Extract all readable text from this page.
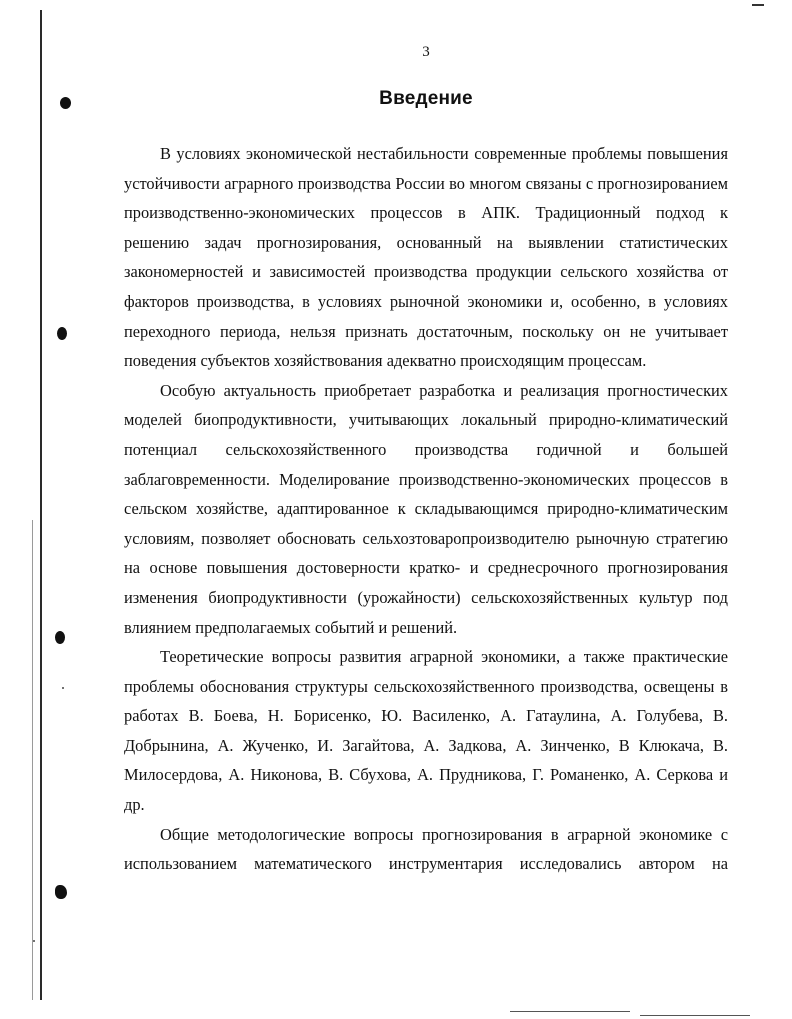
3
Введение

В условиях экономической нестабильности современные проблемы повышения устойчивости аграрного производства России во многом связаны с прогнозированием производственно-экономических процессов в АПК. Традиционный подход к решению задач прогнозирования, основанный на выявлении статистических закономерностей и зависимостей производства продукции сельского хозяйства от факторов производства, в условиях рыночной экономики и, особенно, в условиях переходного периода, нельзя признать достаточным, поскольку он не учитывает поведения субъектов хозяйствования адекватно происходящим процессам.

Особую актуальность приобретает разработка и реализация прогностических моделей биопродуктивности, учитывающих локальный природно-климатический потенциал сельскохозяйственного производства годичной и большей заблаговременности. Моделирование производственно-экономических процессов в сельском хозяйстве, адаптированное к складывающимся природно-климатическим условиям, позволяет обосновать сельхозтоваропроизводителю рыночную стратегию на основе повышения достоверности кратко- и среднесрочного прогнозирования изменения биопродуктивности (урожайности) сельскохозяйственных культур под влиянием предполагаемых событий и решений.

Теоретические вопросы развития аграрной экономики, а также практические проблемы обоснования структуры сельскохозяйственного производства, освещены в работах В. Боева, Н. Борисенко, Ю. Василенко, А. Гатаулина, А. Голубева, В. Добрынина, А. Жученко, И. Загайтова, А. Задкова, А. Зинченко, В Клюкача, В. Милосердова, А. Никонова, В. Сбухова, А. Прудникова, Г. Романенко, А. Серкова и др.

Общие методологические вопросы прогнозирования в аграрной экономике с использованием математического инструментария исследовались автором на
